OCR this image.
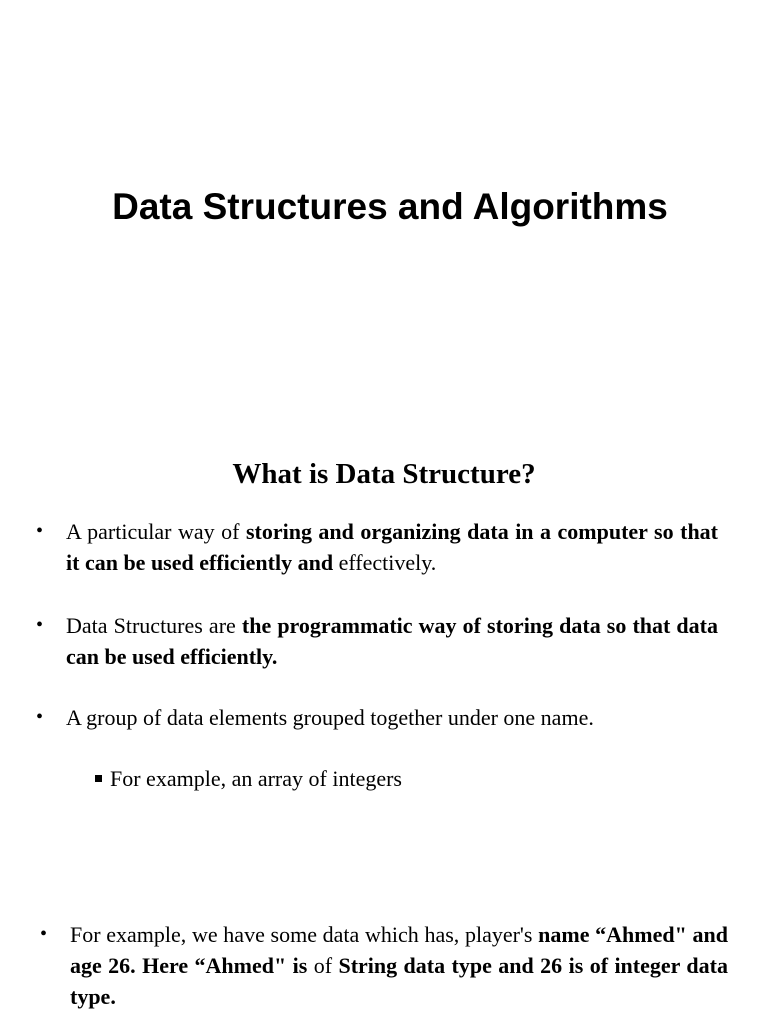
Data Structures and Algorithms
What is Data Structure?
• A particular way of storing and organizing data in a computer so that it can be used efficiently and effectively.
• Data Structures are the programmatic way of storing data so that data can be used efficiently.
• A group of data elements grouped together under one name.
For example, an array of integers
• For example, we have some data which has, player's name “Ahmed" and age 26. Here “Ahmed" is of String data type and 26 is of integer data type.
